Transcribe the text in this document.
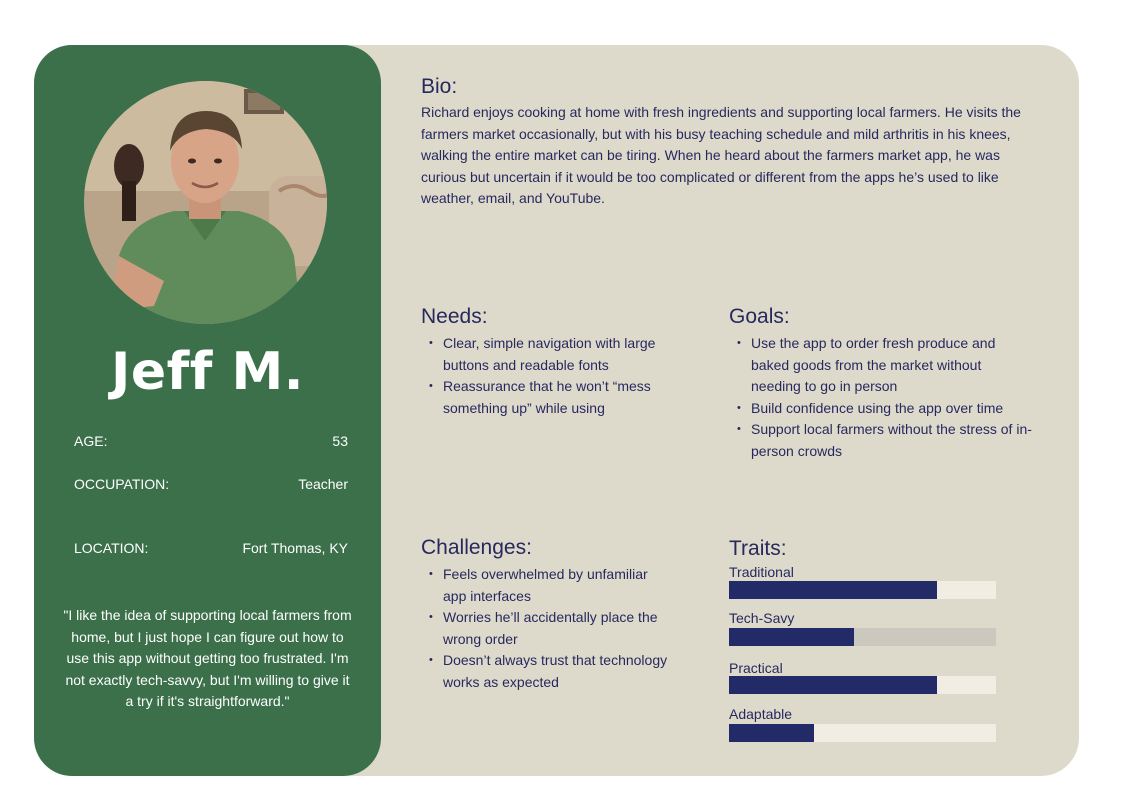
Jeff M.
AGE:	53
OCCUPATION:	Teacher
LOCATION:	Fort Thomas, KY
"I like the idea of supporting local farmers from home, but I just hope I can figure out how to use this app without getting too frustrated. I'm not exactly tech-savvy, but I'm willing to give it a try if it's straightforward."
Bio:
Richard enjoys cooking at home with fresh ingredients and supporting local farmers. He visits the farmers market occasionally, but with his busy teaching schedule and mild arthritis in his knees, walking the entire market can be tiring. When he heard about the farmers market app, he was curious but uncertain if it would be too complicated or different from the apps he’s used to like weather, email, and YouTube.
Needs:
• Clear, simple navigation with large buttons and readable fonts
• Reassurance that he won’t “mess something up” while using
Goals:
• Use the app to order fresh produce and baked goods from the market without needing to go in person
• Build confidence using the app over time
• Support local farmers without the stress of in-person crowds
Challenges:
• Feels overwhelmed by unfamiliar app interfaces
• Worries he’ll accidentally place the wrong order
• Doesn’t always trust that technology works as expected
Traits:
Traditional
Tech-Savy
Practical
Adaptable
